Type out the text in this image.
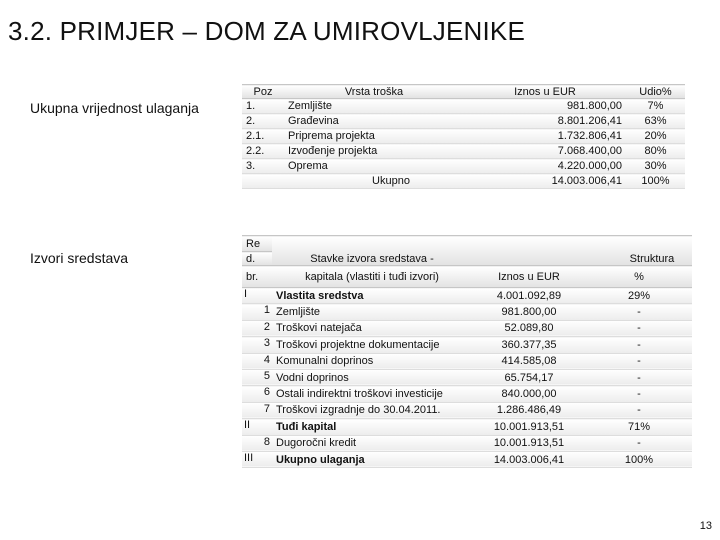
3.2. PRIMJER – DOM ZA UMIROVLJENIKE
Ukupna vrijednost ulaganja
Poz	Vrsta troška	Iznos u EUR	Udio%
1.	Zemljište	981.800,00	7%
2.	Građevina	8.801.206,41	63%
2.1.	Priprema projekta	1.732.806,41	20%
2.2.	Izvođenje projekta	7.068.400,00	80%
3.	Oprema	4.220.000,00	30%
Ukupno		14.003.006,41	100%
Izvori sredstava
Re	Stavke izvora sredstava -		Struktura
d.			
br.	kapitala (vlastiti i tuđi izvori)	Iznos u EUR	%

I	Vlastita sredstva	4.001.092,89	29%

1	Zemljište	981.800,00	-

2	Troškovi natejača	52.089,80	-

3	Troškovi projektne dokumentacije	360.377,35	-

4	Komunalni doprinos	414.585,08	-

5	Vodni doprinos	65.754,17	-

6	Ostali indirektni troškovi investicije	840.000,00	-

7	Troškovi izgradnje do 30.04.2011.	1.286.486,49	-

II	Tuđi kapital	10.001.913,51	71%

8	Dugoročni kredit	10.001.913,51	-

III	Ukupno ulaganja	14.003.006,41	100%
13
